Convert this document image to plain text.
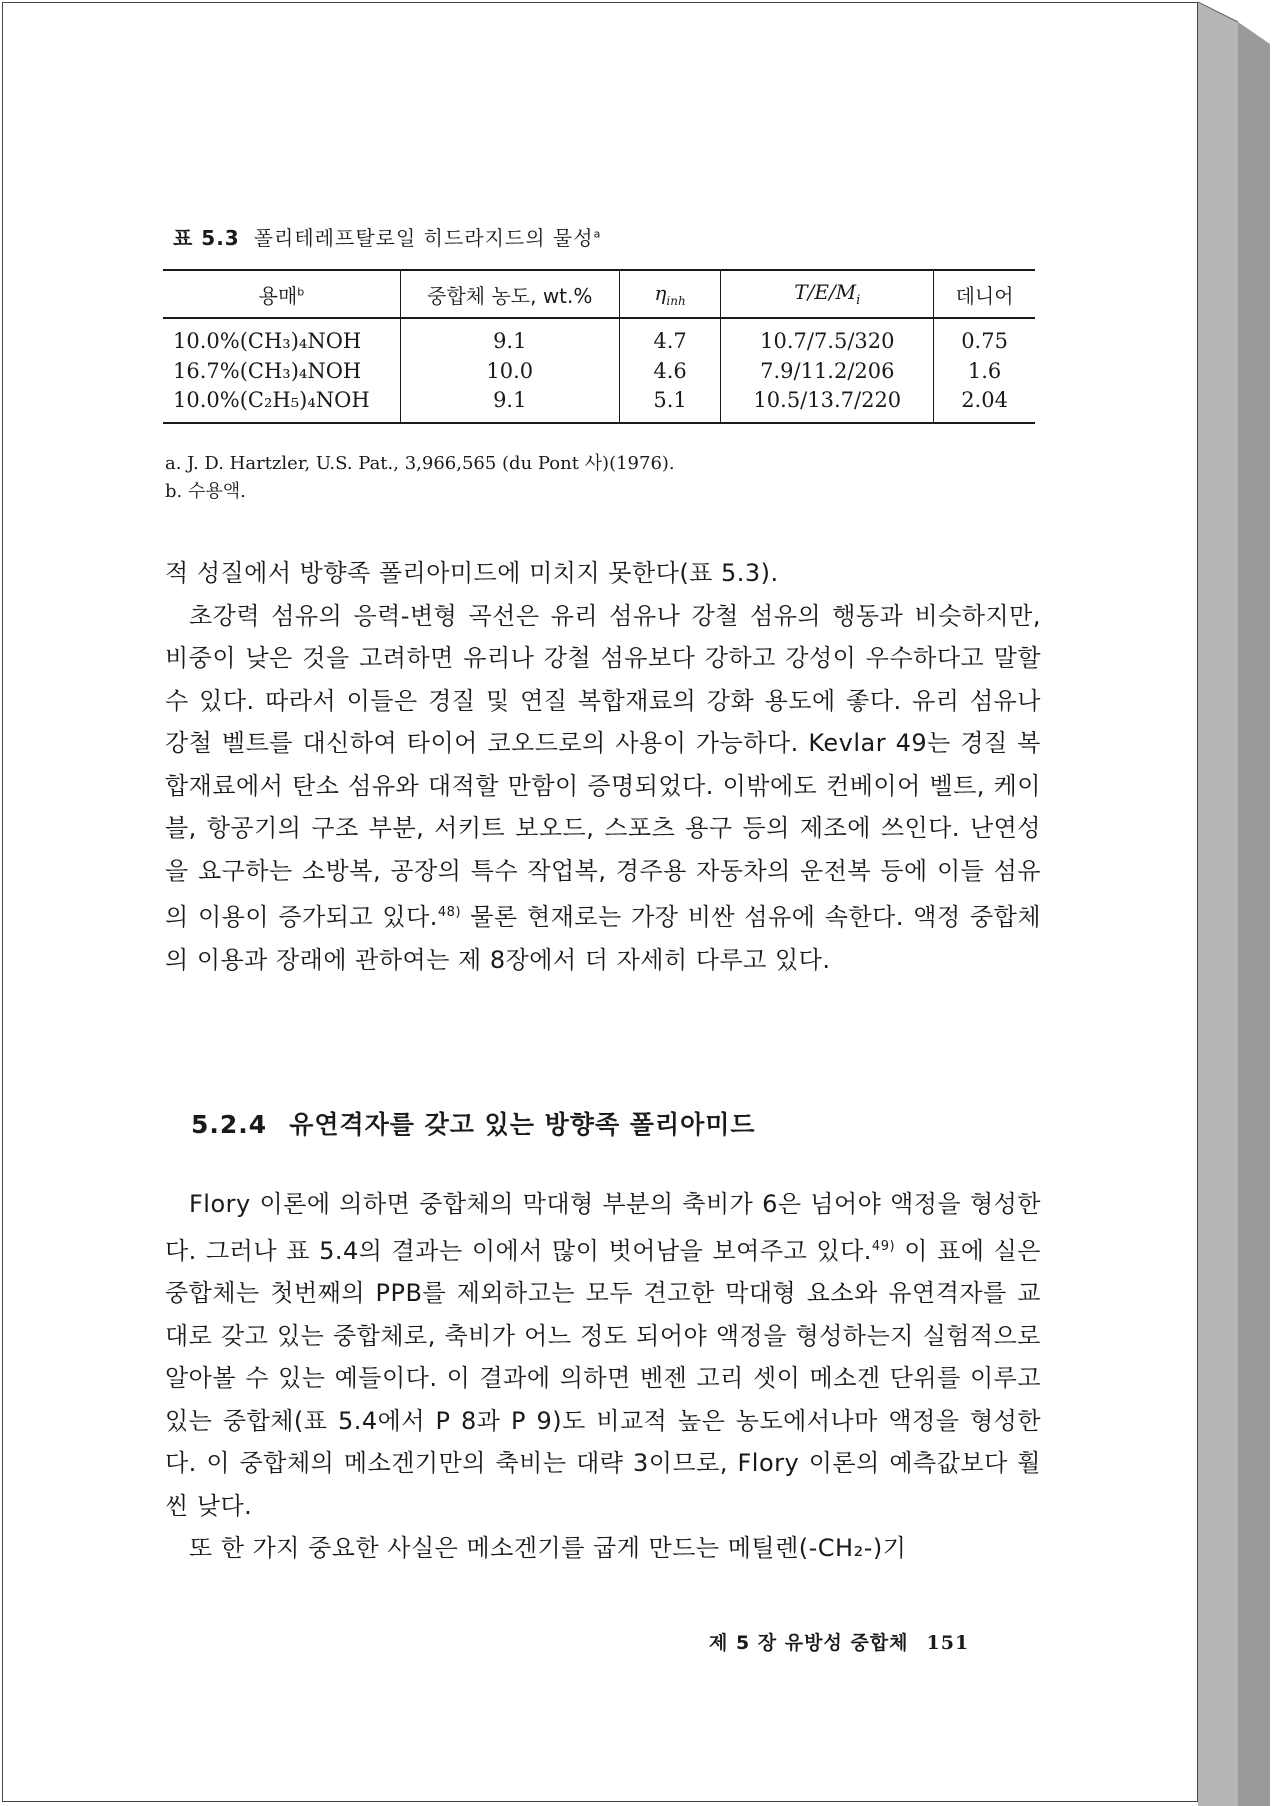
표 5.3 폴리테레프탈로일 히드라지드의 물성$^a$
용매$^b$	중합체 농도, wt.%	$\eta_{inh}$	$T/E/M_i$	데니어
10.0%(CH₃)₄NOH	9.1	4.7	10.7/7.5/320	0.75
16.7%(CH₃)₄NOH	10.0	4.6	7.9/11.2/206	1.6
10.0%(C₂H₅)₄NOH	9.1	5.1	10.5/13.7/220	2.04
a. J. D. Hartzler, U.S. Pat., 3,966,565 (du Pont 사)(1976).
b. 수용액.

적 성질에서 방향족 폴리아미드에 미치지 못한다(표 5.3).

초강력 섬유의 응력-변형 곡선은 유리 섬유나 강철 섬유의 행동과 비슷하지만, 비중이 낮은 것을 고려하면 유리나 강철 섬유보다 강하고 강성이 우수하다고 말할 수 있다. 따라서 이들은 경질 및 연질 복합재료의 강화 용도에 좋다. 유리 섬유나 강철 벨트를 대신하여 타이어 코오드로의 사용이 가능하다. Kevlar 49는 경질 복합재료에서 탄소 섬유와 대적할 만함이 증명되었다. 이밖에도 컨베이어 벨트, 케이블, 항공기의 구조 부분, 서키트 보오드, 스포츠 용구 등의 제조에 쓰인다. 난연성을 요구하는 소방복, 공장의 특수 작업복, 경주용 자동차의 운전복 등에 이들 섬유의 이용이 증가되고 있다.$^{48)}$ 물론 현재로는 가장 비싼 섬유에 속한다. 액정 중합체의 이용과 장래에 관하여는 제 8장에서 더 자세히 다루고 있다.

5.2.4 유연격자를 갖고 있는 방향족 폴리아미드

Flory 이론에 의하면 중합체의 막대형 부분의 축비가 6은 넘어야 액정을 형성한다. 그러나 표 5.4의 결과는 이에서 많이 벗어남을 보여주고 있다.$^{49)}$ 이 표에 실은 중합체는 첫번째의 PPB를 제외하고는 모두 견고한 막대형 요소와 유연격자를 교대로 갖고 있는 중합체로, 축비가 어느 정도 되어야 액정을 형성하는지 실험적으로 알아볼 수 있는 예들이다. 이 결과에 의하면 벤젠 고리 셋이 메소겐 단위를 이루고 있는 중합체(표 5.4에서 P 8과 P 9)도 비교적 높은 농도에서나마 액정을 형성한다. 이 중합체의 메소겐기만의 축비는 대략 3이므로, Flory 이론의 예측값보다 훨씬 낮다.

또 한 가지 중요한 사실은 메소겐기를 굽게 만드는 메틸렌(-CH₂-)기

제 5 장 유방성 중합체 151
